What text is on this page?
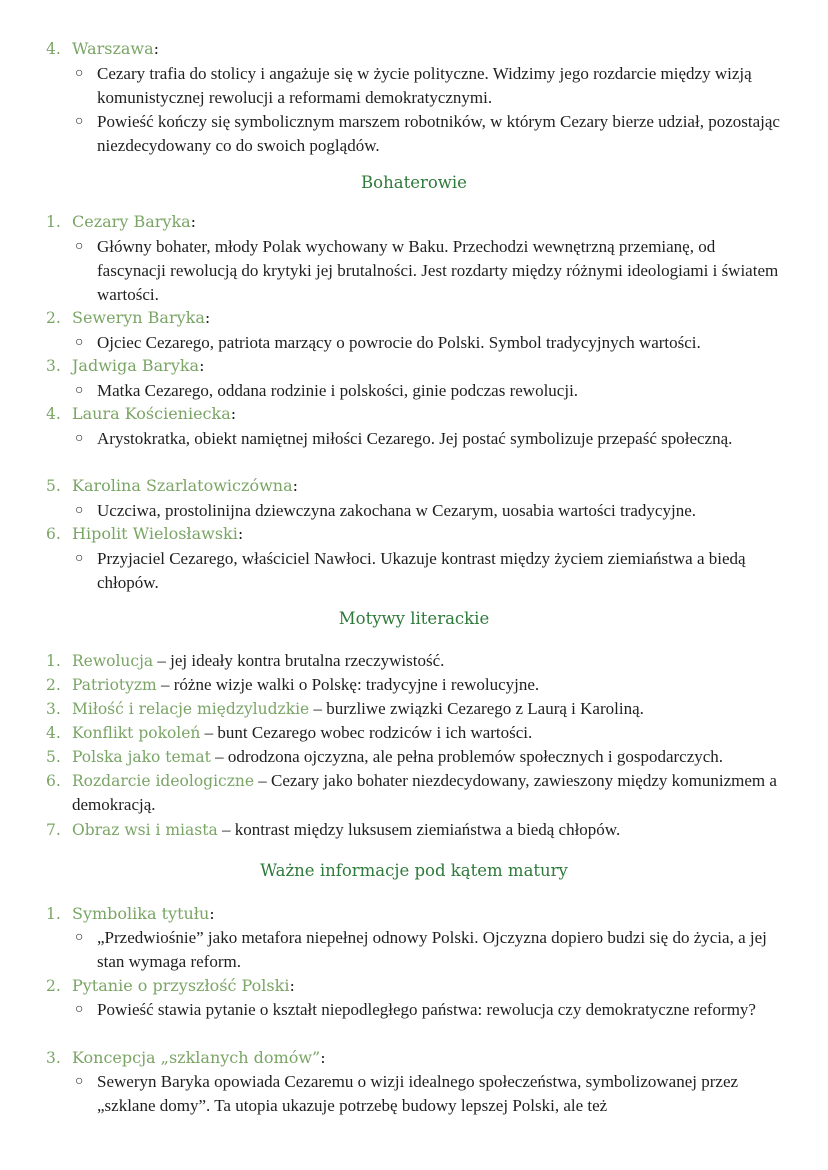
4. Warszawa:
○ Cezary trafia do stolicy i angażuje się w życie polityczne. Widzimy jego rozdarcie między wizją komunistycznej rewolucji a reformami demokratycznymi.
○ Powieść kończy się symbolicznym marszem robotników, w którym Cezary bierze udział, pozostając niezdecydowany co do swoich poglądów.
Bohaterowie
1. Cezary Baryka:
○ Główny bohater, młody Polak wychowany w Baku. Przechodzi wewnętrzną przemianę, od fascynacji rewolucją do krytyki jej brutalności. Jest rozdarty między różnymi ideologiami i światem wartości.
2. Seweryn Baryka:
○ Ojciec Cezarego, patriota marzący o powrocie do Polski. Symbol tradycyjnych wartości.
3. Jadwiga Baryka:
○ Matka Cezarego, oddana rodzinie i polskości, ginie podczas rewolucji.
4. Laura Kościeniecka:
○ Arystokratka, obiekt namiętnej miłości Cezarego. Jej postać symbolizuje przepaść społeczną.
5. Karolina Szarlatowiczówna:
○ Uczciwa, prostolinijna dziewczyna zakochana w Cezarym, uosabia wartości tradycyjne.
6. Hipolit Wielosławski:
○ Przyjaciel Cezarego, właściciel Nawłoci. Ukazuje kontrast między życiem ziemiaństwa a biedą chłopów.
Motywy literackie
1. Rewolucja – jej ideały kontra brutalna rzeczywistość.
2. Patriotyzm – różne wizje walki o Polskę: tradycyjne i rewolucyjne.
3. Miłość i relacje międzyludzkie – burzliwe związki Cezarego z Laurą i Karoliną.
4. Konflikt pokoleń – bunt Cezarego wobec rodziców i ich wartości.
5. Polska jako temat – odrodzona ojczyzna, ale pełna problemów społecznych i gospodarczych.
6. Rozdarcie ideologiczne – Cezary jako bohater niezdecydowany, zawieszony między komunizmem a demokracją.
7. Obraz wsi i miasta – kontrast między luksusem ziemiaństwa a biedą chłopów.
Ważne informacje pod kątem matury
1. Symbolika tytułu:
○ „Przedwiośnie” jako metafora niepełnej odnowy Polski. Ojczyzna dopiero budzi się do życia, a jej stan wymaga reform.
2. Pytanie o przyszłość Polski:
○ Powieść stawia pytanie o kształt niepodległego państwa: rewolucja czy demokratyczne reformy?
3. Koncepcja „szklanych domów”:
○ Seweryn Baryka opowiada Cezaremu o wizji idealnego społeczeństwa, symbolizowanej przez „szklane domy”. Ta utopia ukazuje potrzebę budowy lepszej Polski, ale też
